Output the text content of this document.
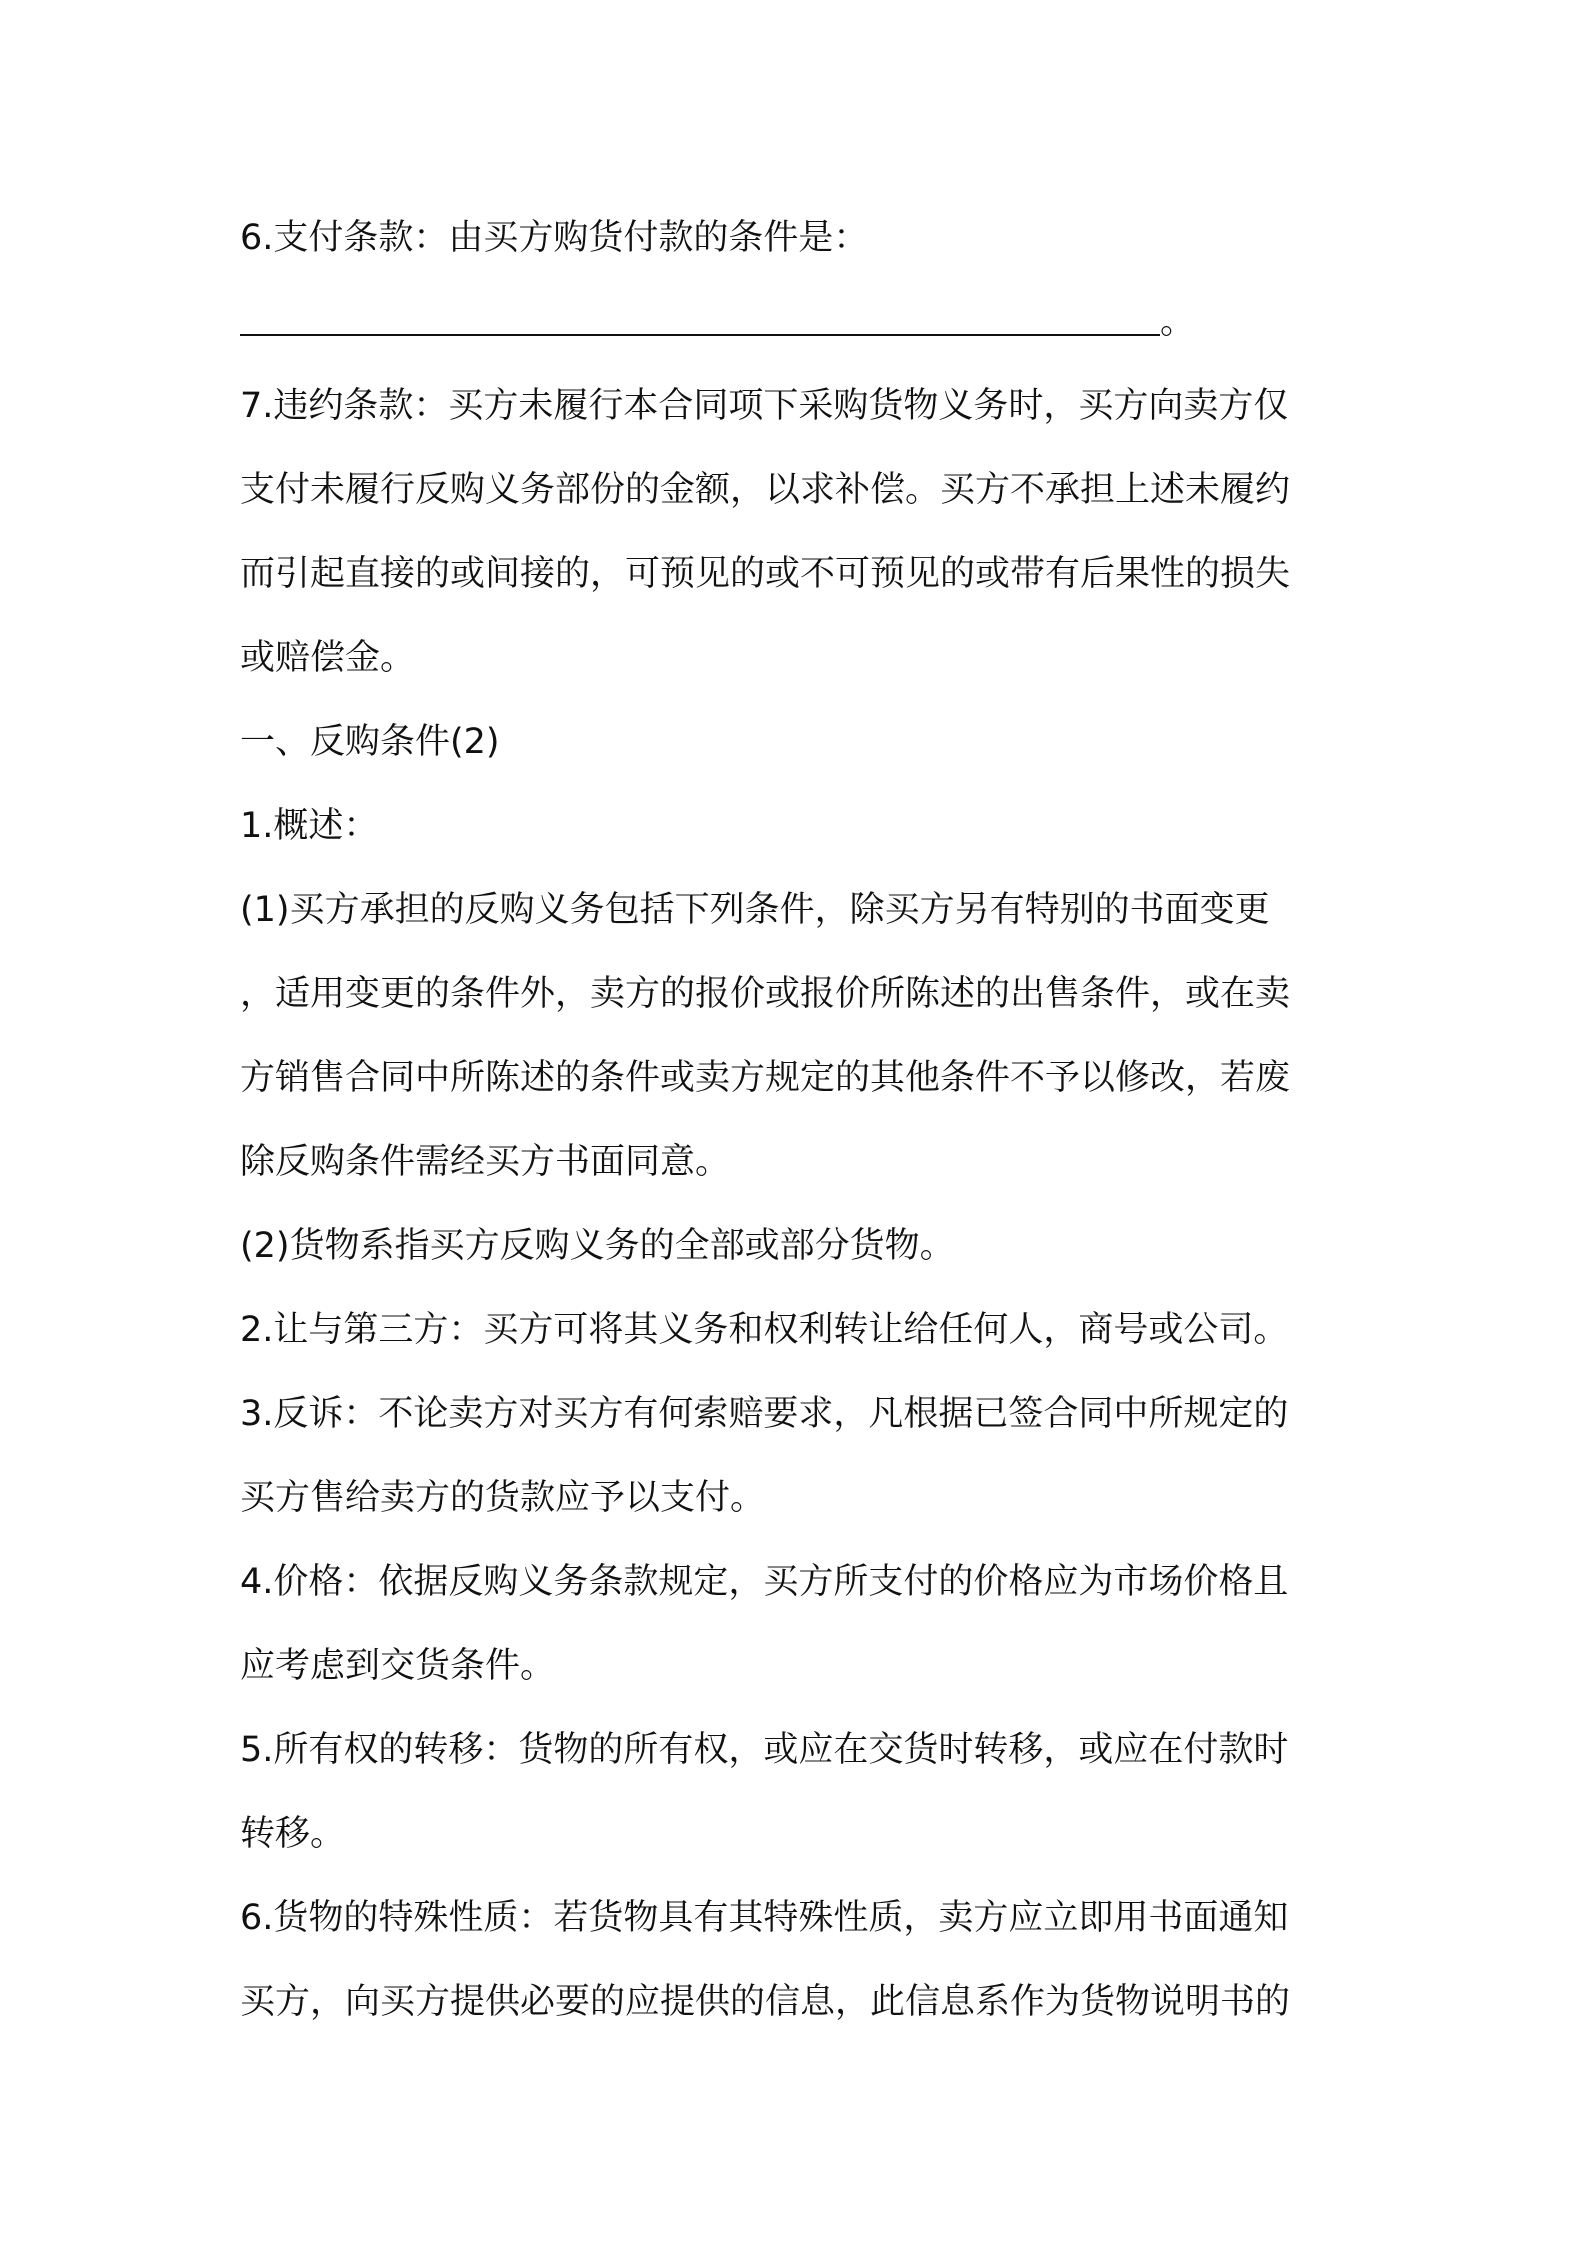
6.支付条款：由买方购货付款的条件是：

。

7.违约条款：买方未履行本合同项下采购货物义务时，买方向卖方仅

支付未履行反购义务部份的金额，以求补偿。买方不承担上述未履约

而引起直接的或间接的，可预见的或不可预见的或带有后果性的损失

或赔偿金。

一、反购条件(2)

1.概述：

(1)买方承担的反购义务包括下列条件，除买方另有特别的书面变更

，适用变更的条件外，卖方的报价或报价所陈述的出售条件，或在卖

方销售合同中所陈述的条件或卖方规定的其他条件不予以修改，若废

除反购条件需经买方书面同意。

(2)货物系指买方反购义务的全部或部分货物。

2.让与第三方：买方可将其义务和权利转让给任何人，商号或公司。

3.反诉：不论卖方对买方有何索赔要求，凡根据已签合同中所规定的

买方售给卖方的货款应予以支付。

4.价格：依据反购义务条款规定，买方所支付的价格应为市场价格且

应考虑到交货条件。

5.所有权的转移：货物的所有权，或应在交货时转移，或应在付款时

转移。

6.货物的特殊性质：若货物具有其特殊性质，卖方应立即用书面通知

买方，向买方提供必要的应提供的信息，此信息系作为货物说明书的
